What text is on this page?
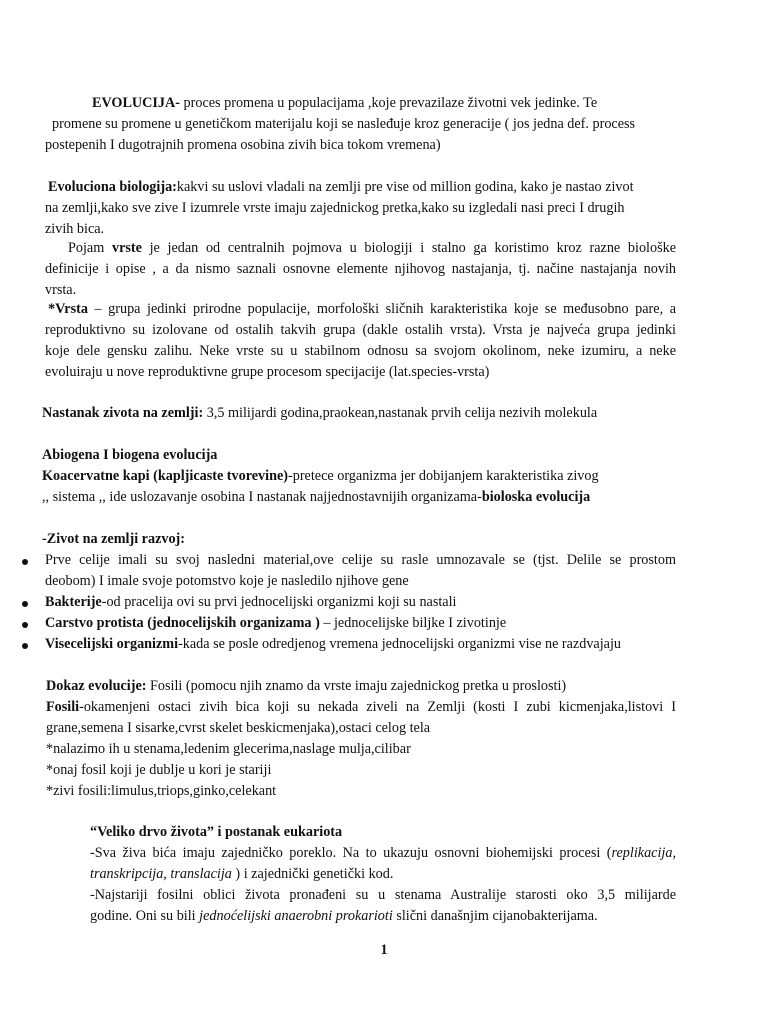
EVOLUCIJA- proces promena u populacijama ,koje prevazilaze životni vek jedinke. Te
promene su promene u genetičkom materijalu koji se nasleđuje kroz generacije ( jos jedna def. process
postepenih I dugotrajnih promena osobina zivih bica tokom vremena)
Evoluciona biologija:kakvi su uslovi vladali na zemlji pre vise od million godina, kako je nastao zivot
na zemlji,kako sve zive I izumrele vrste imaju zajednickog pretka,kako su izgledali nasi preci I drugih
zivih bica.
Pojam vrste je jedan od centralnih pojmova u biologiji i stalno ga koristimo kroz razne biološke
definicije i opise , a da nismo saznali osnovne elemente njihovog nastajanja, tj. načine nastajanja novih
vrsta.
*Vrsta – grupa jedinki prirodne populacije, morfološki sličnih karakteristika koje se međusobno pare, a
reproduktivno su izolovane od ostalih takvih grupa (dakle ostalih vrsta). Vrsta je najveća grupa jedinki
koje dele gensku zalihu. Neke vrste su u stabilnom odnosu sa svojom okolinom, neke izumiru, a neke
evoluiraju u nove reproduktivne grupe procesom specijacije (lat.species-vrsta)
Nastanak zivota na zemlji: 3,5 milijardi godina,praokean,nastanak prvih celija nezivih molekula
Abiogena I biogena evolucija
Koacervatne kapi (kapljicaste tvorevine)-pretece organizma jer dobijanjem karakteristika zivog
,, sistema ,, ide uslozavanje osobina I nastanak najjednostavnijih organizama-bioloska evolucija
-Zivot na zemlji razvoj:
Prve celije imali su svoj nasledni material,ove celije su rasle umnozavale se (tjst. Delile se prostom
deobom) I imale svoje potomstvo koje je nasledilo njihove gene
Bakterije-od pracelija ovi su prvi jednocelijski organizmi koji su nastali
Carstvo protista (jednocelijskih organizama ) – jednocelijske biljke I zivotinje
Visecelijski organizmi-kada se posle odredjenog vremena jednocelijski organizmi vise ne razdvajaju
Dokaz evolucije: Fosili (pomocu njih znamo da vrste imaju zajednickog pretka u proslosti)
Fosili-okamenjeni ostaci zivih bica koji su nekada ziveli na Zemlji (kosti I zubi kicmenjaka,listovi I
grane,semena I sisarke,cvrst skelet beskicmenjaka),ostaci celog tela
*nalazimo ih u stenama,ledenim glecerima,naslage mulja,cilibar
*onaj fosil koji je dublje u kori je stariji
*zivi fosili:limulus,triops,ginko,celekant
“Veliko drvo života” i postanak eukariota
-Sva živa bića imaju zajedničko poreklo. Na to ukazuju osnovni biohemijski procesi (replikacija,
transkripcija, translacija ) i zajednički genetički kod.
-Najstariji fosilni oblici života pronađeni su u stenama Australije starosti oko 3,5 milijarde
godine. Oni su bili jednoćelijski anaerobni prokarioti slični današnjim cijanobakterijama.
1
